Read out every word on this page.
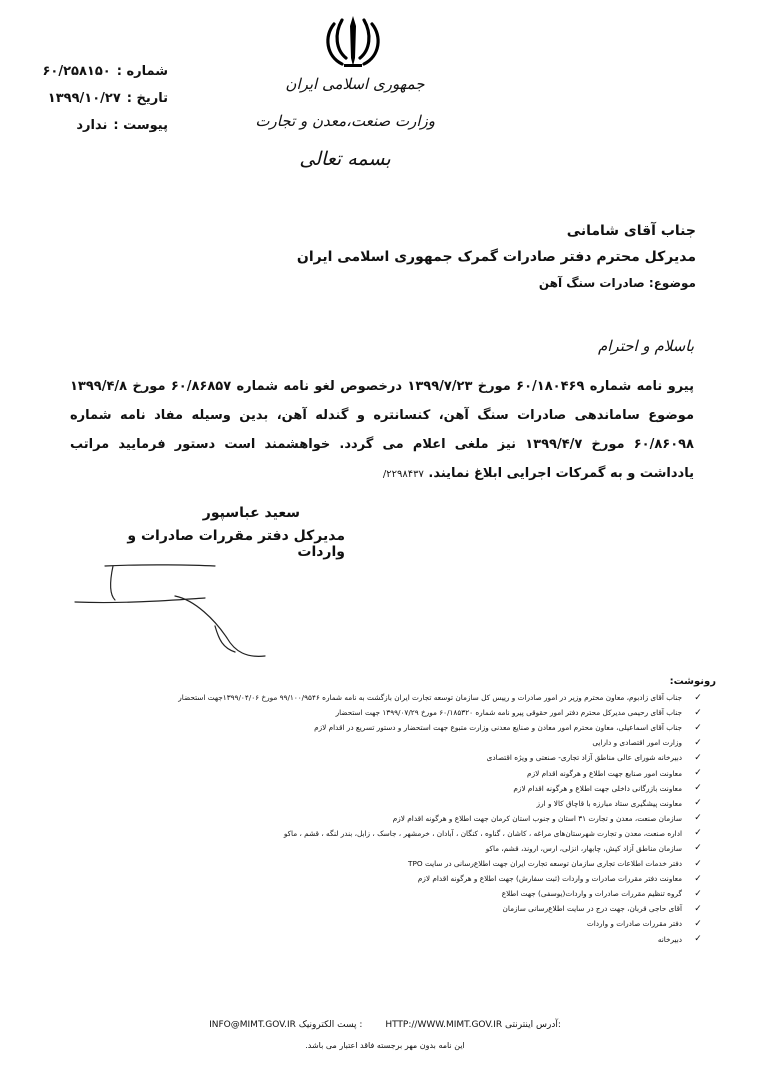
شماره :
۶۰/۲۵۸۱۵۰
تاریخ :
۱۳۹۹/۱۰/۲۷
پیوست :
ندارد
جمهوری اسلامی ایران
وزارت صنعت،معدن و تجارت
بسمه تعالی
جناب آقای شامانی
مدیرکل محترم دفتر صادرات گمرک جمهوری اسلامی ایران
موضوع: صادرات سنگ آهن
باسلام و احترام
پیرو نامه شماره ۶۰/۱۸۰۴۶۹ مورخ ۱۳۹۹/۷/۲۳ درخصوص لغو نامه شماره ۶۰/۸۶۸۵۷ مورخ ۱۳۹۹/۴/۸ موضوع ساماندهی صادرات سنگ آهن، کنسانتره و گندله آهن، بدین وسیله مفاد نامه شماره ۶۰/۸۶۰۹۸ مورخ ۱۳۹۹/۴/۷ نیز ملغی اعلام می گردد. خواهشمند است دستور فرمایید مراتب یادداشت و به گمرکات اجرایی ابلاغ نمایند. ۲۲۹۸۴۳۷/
سعید عباسپور
مدیرکل دفتر مقررات صادرات و واردات
رونوشت:
✓
جناب آقای زادبوم، معاون محترم وزیر در امور صادرات و رییس کل سازمان توسعه تجارت ایران بازگشت به نامه شماره ۹۹/۱۰۰/۹۵۴۶ مورخ ۱۳۹۹/۰۴/۰۶جهت استحضار
✓
جناب آقای رحیمی مدیرکل محترم دفتر امور حقوقی پیرو نامه شماره ۶۰/۱۸۵۳۲۰ مورخ ۱۳۹۹/۰۷/۲۹ جهت استحضار
✓
جناب آقای اسماعیلی، معاون محترم امور معادن و صنایع معدنی وزارت متبوع جهت استحضار و دستور تسریع در اقدام لازم
✓
وزارت امور اقتصادی و دارایی
✓
دبیرخانه شورای عالی مناطق آزاد تجاری- صنعتی و ویژه اقتصادی
✓
معاونت امور صنایع جهت اطلاع و هرگونه اقدام لازم
✓
معاونت بازرگانی داخلی جهت اطلاع و هرگونه اقدام لازم
✓
معاونت پیشگیری ستاد مبارزه با قاچاق کالا و ارز
✓
سازمان صنعت، معدن و تجارت ۳۱ استان و جنوب استان کرمان جهت اطلاع و هرگونه اقدام لازم
✓
اداره صنعت، معدن و تجارت شهرستان‌های مراغه ، کاشان ، گناوه ، کنگان ، آبادان ، خرمشهر ، جاسک ، زابل، بندر لنگه ، قشم ، ماکو
✓
سازمان مناطق آزاد کیش، چابهار، انزلی، ارس، اروند، قشم، ماکو
✓
دفتر خدمات اطلاعات تجاری سازمان توسعه تجارت ایران جهت اطلاع‌رسانی در سایت TPO
✓
معاونت دفتر مقررات صادرات و واردات (ثبت سفارش) جهت اطلاع و هرگونه اقدام لازم
✓
گروه تنظیم مقررات صادرات و واردات(یوسفی) جهت اطلاع
✓
آقای حاجی قربان، جهت درج در سایت اطلاع‌رسانی سازمان
✓
دفتر مقررات صادرات و واردات
✓
دبیرخانه
INFO@MIMT.GOV.IR پست الکترونیک :	HTTP://WWW.MIMT.GOV.IR آدرس اینترنتی:
این نامه بدون مهر برجسته فاقد اعتبار می باشد.
